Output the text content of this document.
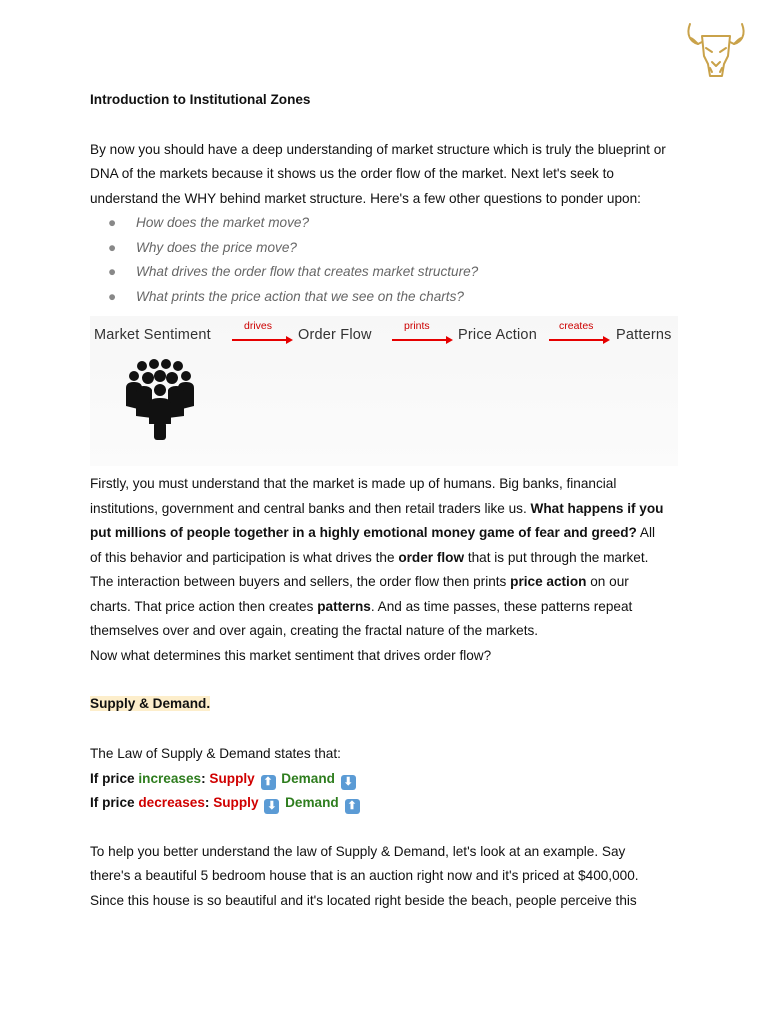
Introduction to Institutional Zones
By now you should have a deep understanding of market structure which is truly the blueprint or
DNA of the markets because it shows us the order flow of the market. Next let's seek to
understand the WHY behind market structure. Here's a few other questions to ponder upon:
● How does the market move?
● Why does the price move?
● What drives the order flow that creates market structure?
● What prints the price action that we see on the charts?
Market Sentiment
drives
Order Flow
prints
Price Action
creates
Patterns
Firstly, you must understand that the market is made up of humans. Big banks, financial
institutions, government and central banks and then retail traders like us. What happens if you
put millions of people together in a highly emotional money game of fear and greed? All
of this behavior and participation is what drives the order flow that is put through the market.
The interaction between buyers and sellers, the order flow then prints price action on our
charts. That price action then creates patterns. And as time passes, these patterns repeat
themselves over and over again, creating the fractal nature of the markets.
Now what determines this market sentiment that drives order flow?
Supply & Demand.
The Law of Supply & Demand states that:
If price increases: Supply ⬆ Demand ⬇
If price decreases: Supply ⬇ Demand ⬆
To help you better understand the law of Supply & Demand, let's look at an example. Say
there's a beautiful 5 bedroom house that is an auction right now and it's priced at $400,000.
Since this house is so beautiful and it's located right beside the beach, people perceive this
